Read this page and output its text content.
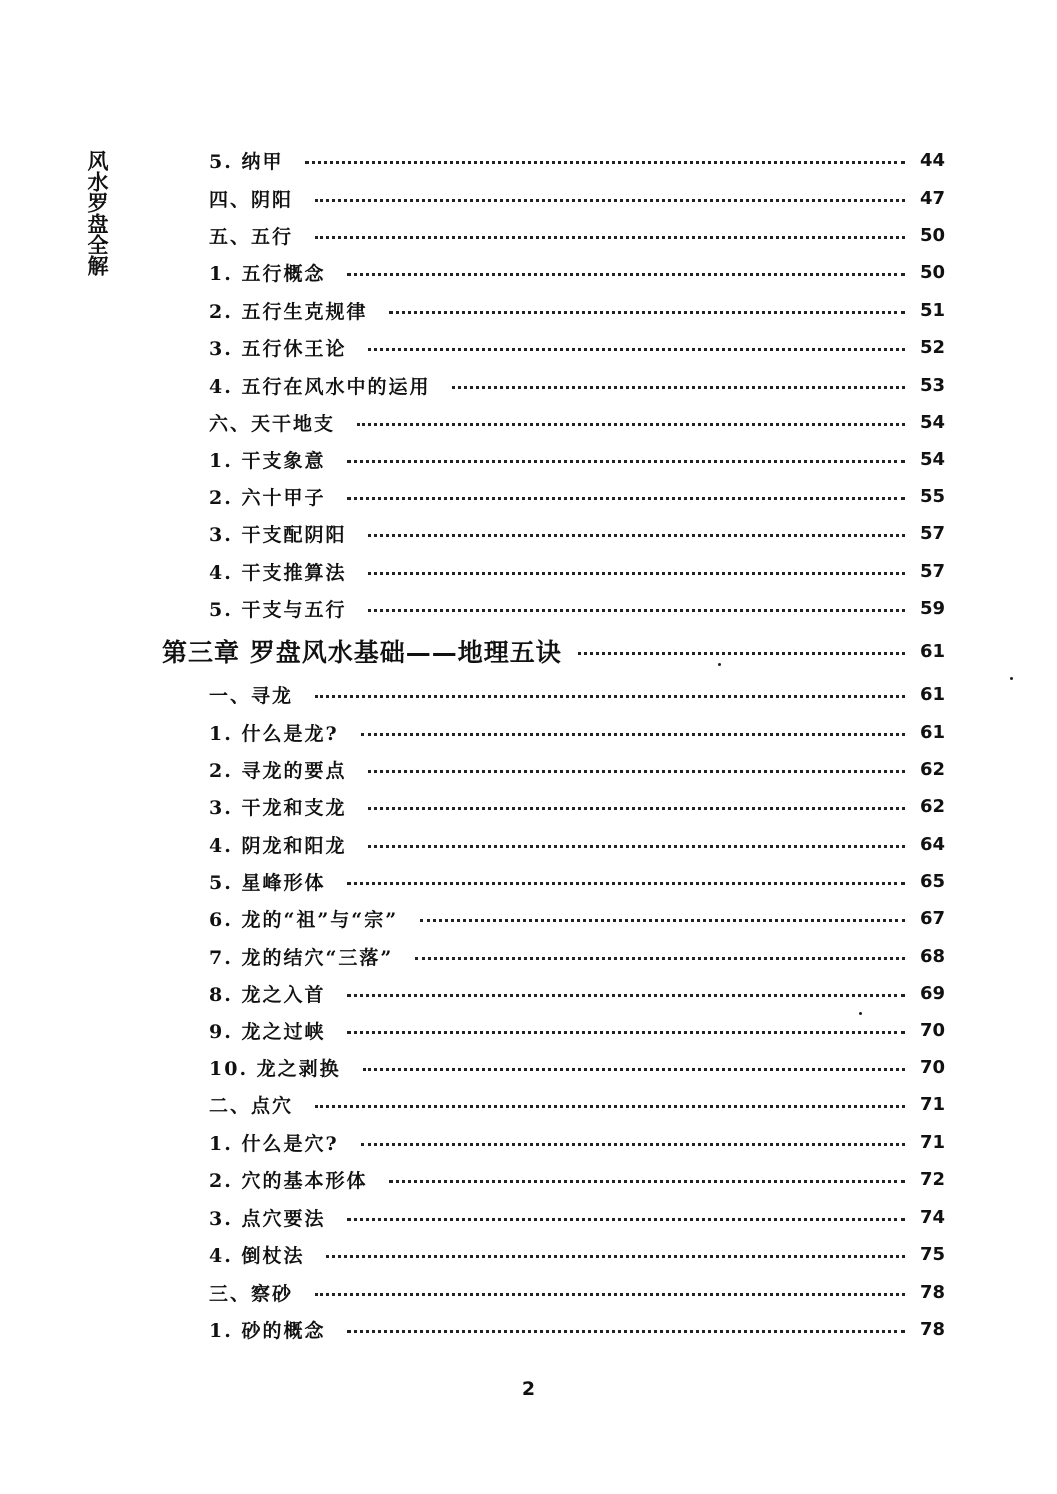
风水罗盘全解	5. 纳甲	44
四、阴阳	47
五、五行	50
1. 五行概念	50
2. 五行生克规律	51
3. 五行休王论	52
4. 五行在风水中的运用	53
六、天干地支	54
1. 干支象意	54
2. 六十甲子	55
3. 干支配阴阳	57
4. 干支推算法	57
5. 干支与五行	59
第三章 罗盘风水基础——地理五诀	61
一、寻龙	61
1. 什么是龙?	61
2. 寻龙的要点	62
3. 干龙和支龙	62
4. 阴龙和阳龙	64
5. 星峰形体	65
6. 龙的“祖”与“宗”	67
7. 龙的结穴“三落”	68
8. 龙之入首	69
9. 龙之过峡	70
10. 龙之剥换	70
二、点穴	71
1. 什么是穴?	71
2. 穴的基本形体	72
3. 点穴要法	74
4. 倒杖法	75
三、察砂	78
1. 砂的概念	78
2
